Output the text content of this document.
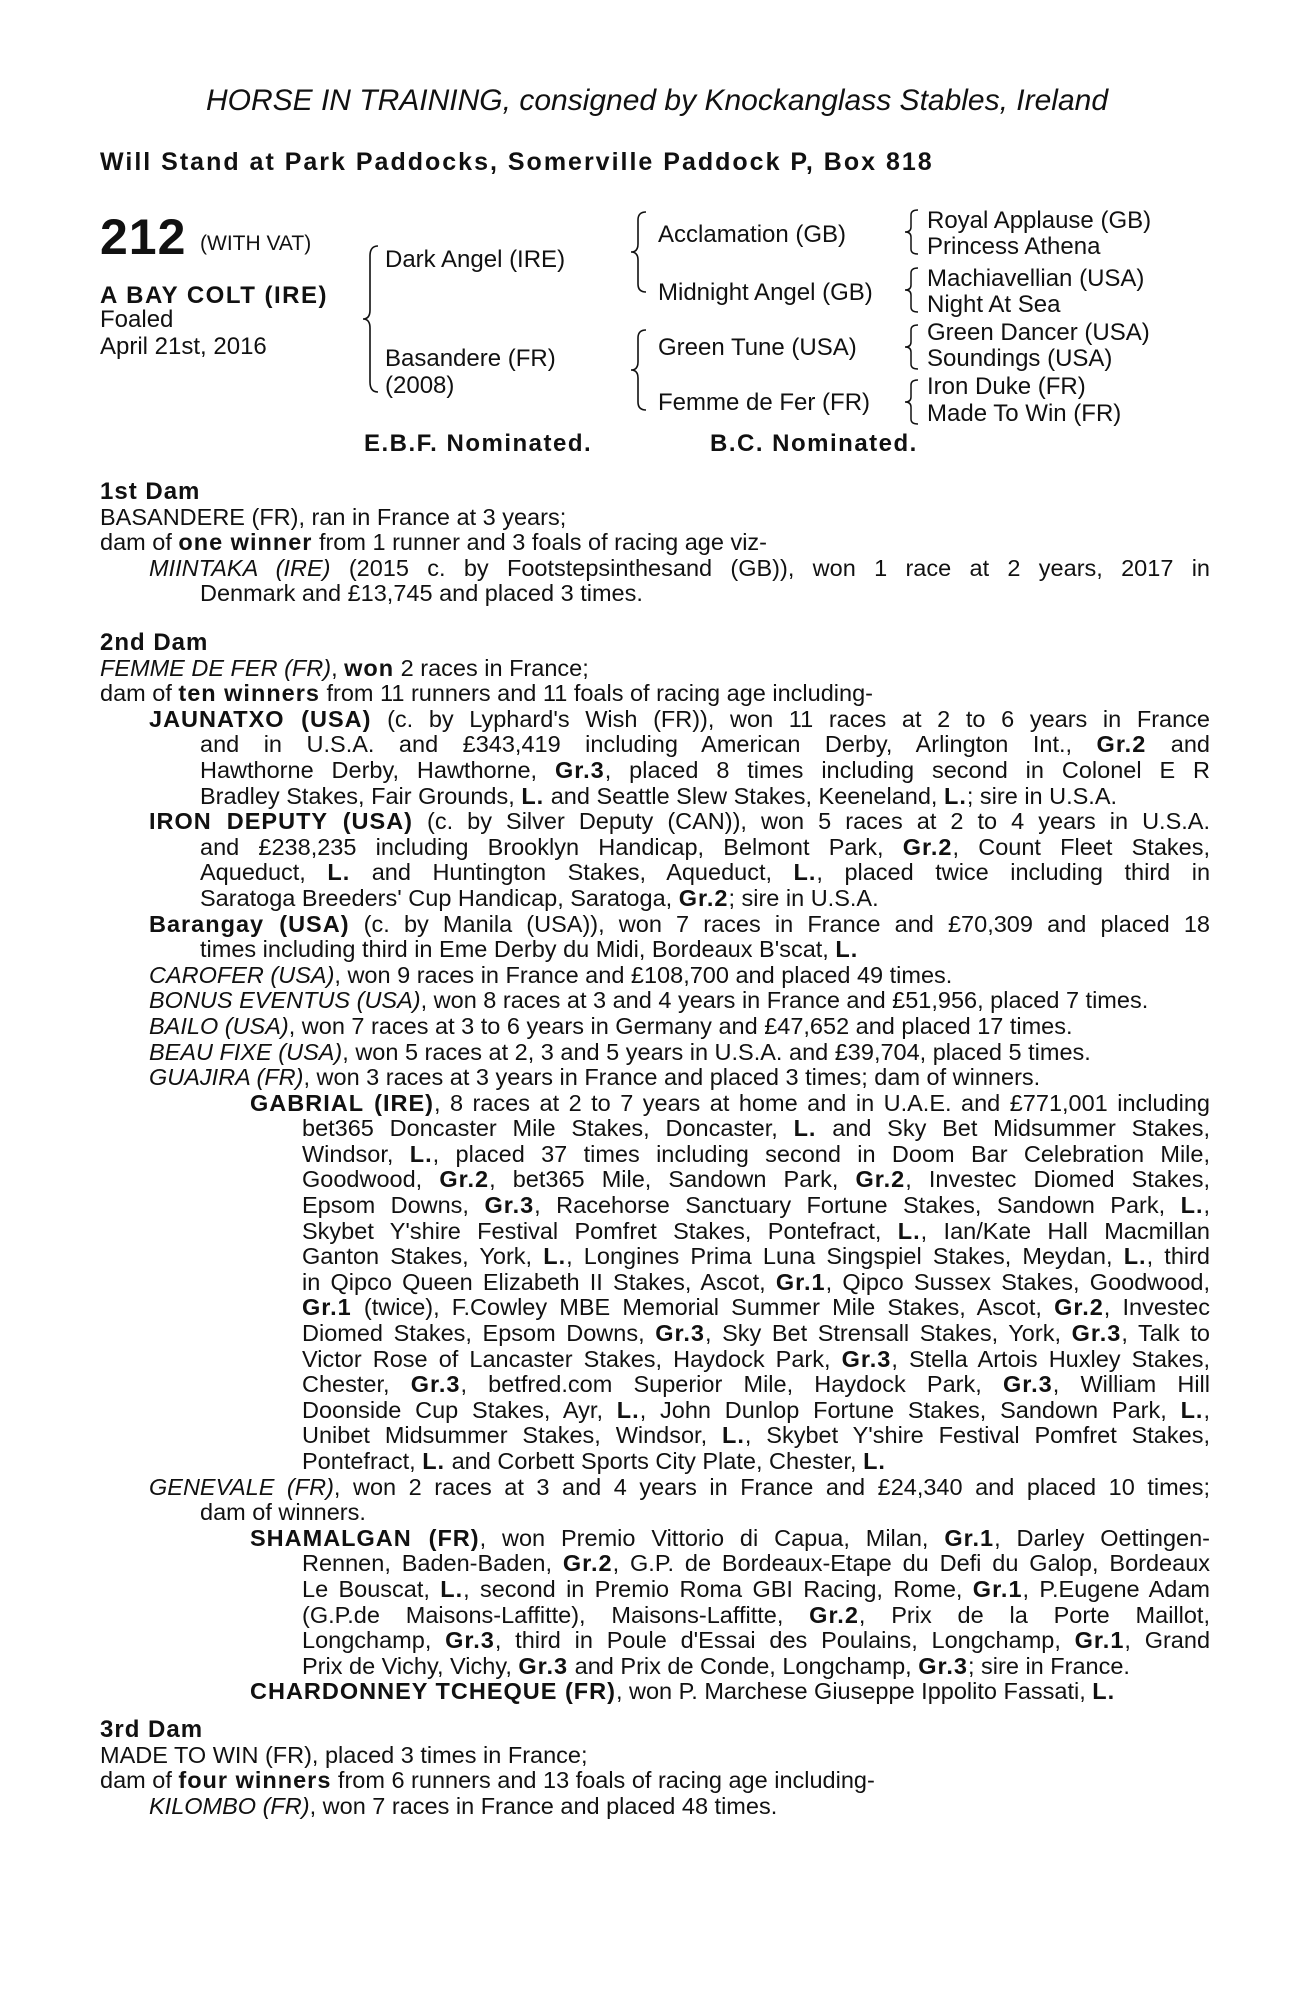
HORSE IN TRAINING, consigned by Knockanglass Stables, Ireland
Will Stand at Park Paddocks, Somerville Paddock P, Box 818
212 (WITH VAT)
A BAY COLT (IRE)
Foaled
April 21st, 2016
Dark Angel (IRE)
Basandere (FR)
(2008)
Acclamation (GB)
Midnight Angel (GB)
Green Tune (USA)
Femme de Fer (FR)
Royal Applause (GB)
Princess Athena
Machiavellian (USA)
Night At Sea
Green Dancer (USA)
Soundings (USA)
Iron Duke (FR)
Made To Win (FR)
E.B.F. Nominated.	B.C. Nominated.
1st Dam
BASANDERE (FR), ran in France at 3 years;
dam of one winner from 1 runner and 3 foals of racing age viz-
MIINTAKA (IRE) (2015 c. by Footstepsinthesand (GB)), won 1 race at 2 years, 2017 in
Denmark and £13,745 and placed 3 times.
2nd Dam
FEMME DE FER (FR), won 2 races in France;
dam of ten winners from 11 runners and 11 foals of racing age including-
JAUNATXO (USA) (c. by Lyphard's Wish (FR)), won 11 races at 2 to 6 years in France
and in U.S.A. and £343,419 including American Derby, Arlington Int., Gr.2 and
Hawthorne Derby, Hawthorne, Gr.3, placed 8 times including second in Colonel E R
Bradley Stakes, Fair Grounds, L. and Seattle Slew Stakes, Keeneland, L.; sire in U.S.A.
IRON DEPUTY (USA) (c. by Silver Deputy (CAN)), won 5 races at 2 to 4 years in U.S.A.
and £238,235 including Brooklyn Handicap, Belmont Park, Gr.2, Count Fleet Stakes,
Aqueduct, L. and Huntington Stakes, Aqueduct, L., placed twice including third in
Saratoga Breeders' Cup Handicap, Saratoga, Gr.2; sire in U.S.A.
Barangay (USA) (c. by Manila (USA)), won 7 races in France and £70,309 and placed 18
times including third in Eme Derby du Midi, Bordeaux B'scat, L.
CAROFER (USA), won 9 races in France and £108,700 and placed 49 times.
BONUS EVENTUS (USA), won 8 races at 3 and 4 years in France and £51,956, placed 7 times.
BAILO (USA), won 7 races at 3 to 6 years in Germany and £47,652 and placed 17 times.
BEAU FIXE (USA), won 5 races at 2, 3 and 5 years in U.S.A. and £39,704, placed 5 times.
GUAJIRA (FR), won 3 races at 3 years in France and placed 3 times; dam of winners.
GABRIAL (IRE), 8 races at 2 to 7 years at home and in U.A.E. and £771,001 including
bet365 Doncaster Mile Stakes, Doncaster, L. and Sky Bet Midsummer Stakes,
Windsor, L., placed 37 times including second in Doom Bar Celebration Mile,
Goodwood, Gr.2, bet365 Mile, Sandown Park, Gr.2, Investec Diomed Stakes,
Epsom Downs, Gr.3, Racehorse Sanctuary Fortune Stakes, Sandown Park, L.,
Skybet Y'shire Festival Pomfret Stakes, Pontefract, L., Ian/Kate Hall Macmillan
Ganton Stakes, York, L., Longines Prima Luna Singspiel Stakes, Meydan, L., third
in Qipco Queen Elizabeth II Stakes, Ascot, Gr.1, Qipco Sussex Stakes, Goodwood,
Gr.1 (twice), F.Cowley MBE Memorial Summer Mile Stakes, Ascot, Gr.2, Investec
Diomed Stakes, Epsom Downs, Gr.3, Sky Bet Strensall Stakes, York, Gr.3, Talk to
Victor Rose of Lancaster Stakes, Haydock Park, Gr.3, Stella Artois Huxley Stakes,
Chester, Gr.3, betfred.com Superior Mile, Haydock Park, Gr.3, William Hill
Doonside Cup Stakes, Ayr, L., John Dunlop Fortune Stakes, Sandown Park, L.,
Unibet Midsummer Stakes, Windsor, L., Skybet Y'shire Festival Pomfret Stakes,
Pontefract, L. and Corbett Sports City Plate, Chester, L.
GENEVALE (FR), won 2 races at 3 and 4 years in France and £24,340 and placed 10 times;
dam of winners.
SHAMALGAN (FR), won Premio Vittorio di Capua, Milan, Gr.1, Darley Oettingen-
Rennen, Baden-Baden, Gr.2, G.P. de Bordeaux-Etape du Defi du Galop, Bordeaux
Le Bouscat, L., second in Premio Roma GBI Racing, Rome, Gr.1, P.Eugene Adam
(G.P.de Maisons-Laffitte), Maisons-Laffitte, Gr.2, Prix de la Porte Maillot,
Longchamp, Gr.3, third in Poule d'Essai des Poulains, Longchamp, Gr.1, Grand
Prix de Vichy, Vichy, Gr.3 and Prix de Conde, Longchamp, Gr.3; sire in France.
CHARDONNEY TCHEQUE (FR), won P. Marchese Giuseppe Ippolito Fassati, L.
3rd Dam
MADE TO WIN (FR), placed 3 times in France;
dam of four winners from 6 runners and 13 foals of racing age including-
KILOMBO (FR), won 7 races in France and placed 48 times.
